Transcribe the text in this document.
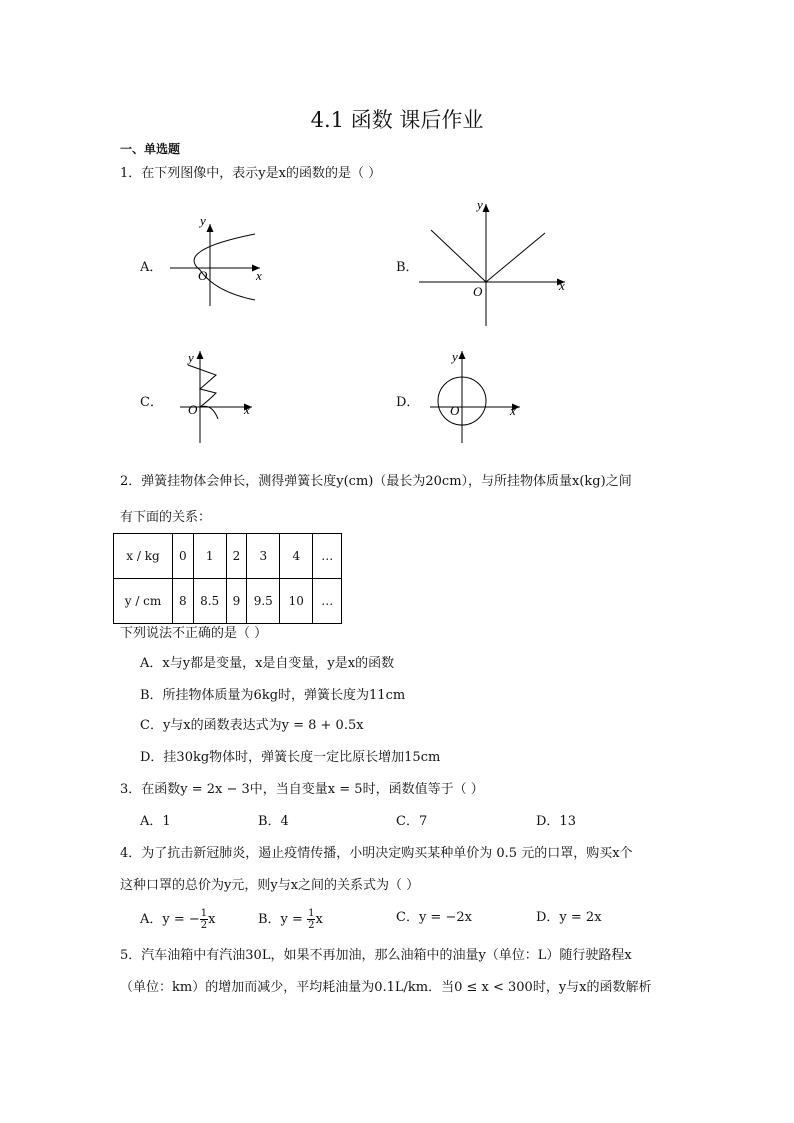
4.1 函数 课后作业
一、单选题
1．在下列图像中，表示y是x的函数的是（ ）
A．
y
x
O
B．
y
x
O
C．
y
x
O	D．
y
x
O
2．弹簧挂物体会伸长，测得弹簧长度y(cm)（最长为20cm），与所挂物体质量x(kg)之间
有下面的关系：
x / kg	0	1	2	3	4	…
y / cm	8	8.5	9	9.5	10	…
下列说法不正确的是（ ）
A．x与y都是变量，x是自变量，y是x的函数
B．所挂物体质量为6kg时，弹簧长度为11cm
C．y与x的函数表达式为y = 8 + 0.5x
D．挂30kg物体时，弹簧长度一定比原长增加15cm
3．在函数y = 2x − 3中，当自变量x = 5时，函数值等于（ ）
A．1	B．4	C．7	D．13
4．为了抗击新冠肺炎，遏止疫情传播，小明决定购买某种单价为 0.5 元的口罩，购买x个
这种口罩的总价为y元，则y与x之间的关系式为（ ）
A．y = − $\frac{1}{2}$ x	B．$y = \frac{1}{2}$ x	C．y = −2x	D．y = 2x
5．汽车油箱中有汽油30L，如果不再加油，那么油箱中的油量y（单位：L）随行驶路程x
（单位：km）的增加而减少，平均耗油量为0.1L/km．当0 ≤ x < 300时，y与x的函数解析
